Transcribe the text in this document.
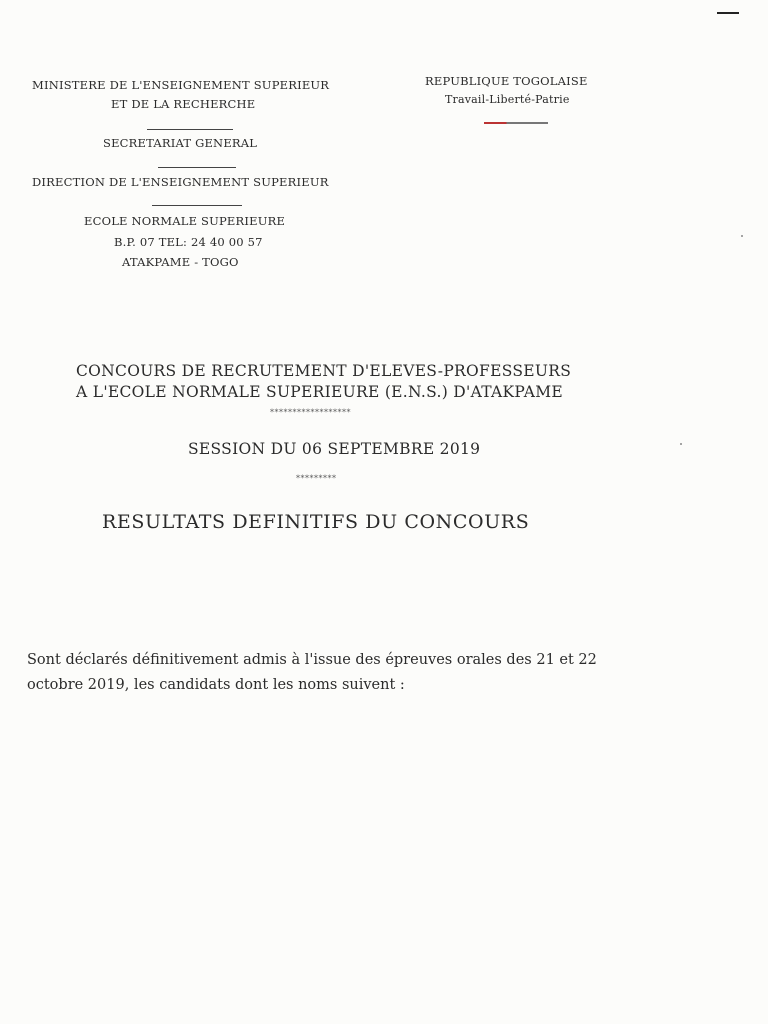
MINISTERE DE L'ENSEIGNEMENT SUPERIEUR
ET DE LA RECHERCHE
SECRETARIAT GENERAL
DIRECTION DE L'ENSEIGNEMENT SUPERIEUR
ECOLE NORMALE SUPERIEURE
B.P. 07 TEL: 24 40 00 57
ATAKPAME - TOGO
REPUBLIQUE TOGOLAISE
Travail-Liberté-Patrie
CONCOURS DE RECRUTEMENT D'ELEVES-PROFESSEURS
A L'ECOLE NORMALE SUPERIEURE (E.N.S.) D'ATAKPAME
******************
SESSION DU 06 SEPTEMBRE 2019
*********
RESULTATS DEFINITIFS DU CONCOURS
Sont déclarés définitivement admis à l'issue des épreuves orales des 21 et 22 octobre 2019, les candidats dont les noms suivent :
